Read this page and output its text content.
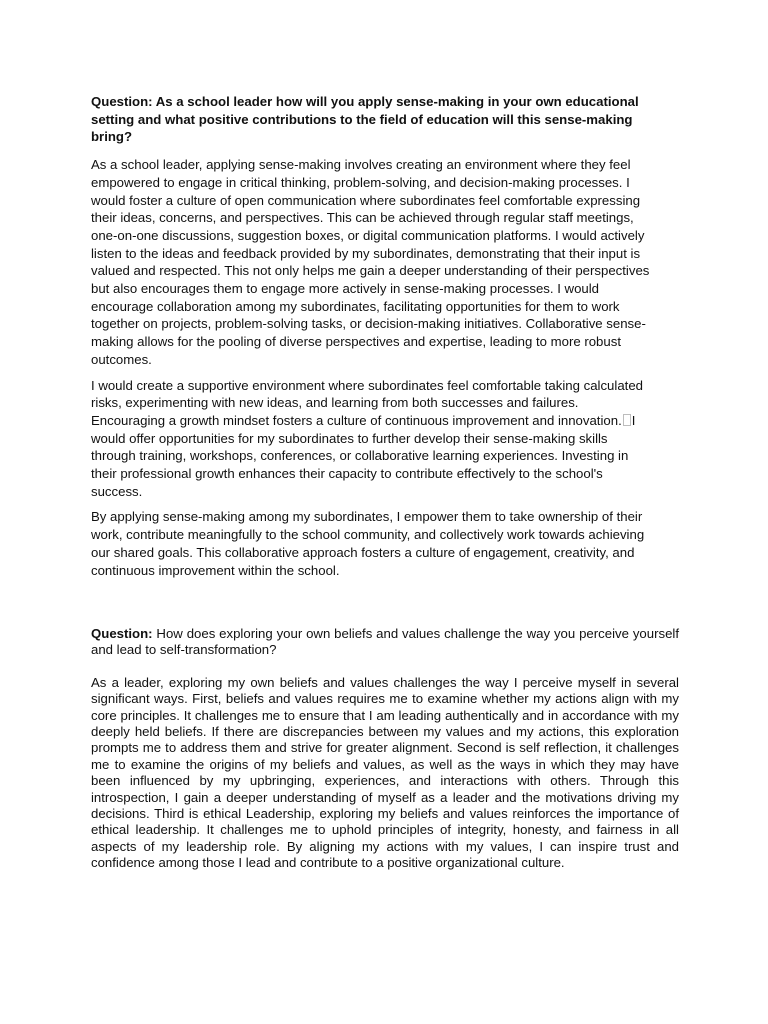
Question: As a school leader how will you apply sense-making in your own educational
setting and what positive contributions to the field of education will this sense-making
bring?

As a school leader, applying sense-making involves creating an environment where they feel
empowered to engage in critical thinking, problem-solving, and decision-making processes. I
would foster a culture of open communication where subordinates feel comfortable expressing
their ideas, concerns, and perspectives. This can be achieved through regular staff meetings,
one-on-one discussions, suggestion boxes, or digital communication platforms. I would actively
listen to the ideas and feedback provided by my subordinates, demonstrating that their input is
valued and respected. This not only helps me gain a deeper understanding of their perspectives
but also encourages them to engage more actively in sense-making processes. I would
encourage collaboration among my subordinates, facilitating opportunities for them to work
together on projects, problem-solving tasks, or decision-making initiatives. Collaborative sense-
making allows for the pooling of diverse perspectives and expertise, leading to more robust
outcomes.

I would create a supportive environment where subordinates feel comfortable taking calculated
risks, experimenting with new ideas, and learning from both successes and failures.
Encouraging a growth mindset fosters a culture of continuous improvement and innovation. I
would offer opportunities for my subordinates to further develop their sense-making skills
through training, workshops, conferences, or collaborative learning experiences. Investing in
their professional growth enhances their capacity to contribute effectively to the school's
success.

By applying sense-making among my subordinates, I empower them to take ownership of their
work, contribute meaningfully to the school community, and collectively work towards achieving
our shared goals. This collaborative approach fosters a culture of engagement, creativity, and
continuous improvement within the school.

Question: How does exploring your own beliefs and values challenge the way you perceive yourself and lead to self-transformation?

As a leader, exploring my own beliefs and values challenges the way I perceive myself in several significant ways. First, beliefs and values requires me to examine whether my actions align with my core principles. It challenges me to ensure that I am leading authentically and in accordance with my deeply held beliefs. If there are discrepancies between my values and my actions, this exploration prompts me to address them and strive for greater alignment. Second is self reflection, it challenges me to examine the origins of my beliefs and values, as well as the ways in which they may have been influenced by my upbringing, experiences, and interactions with others. Through this introspection, I gain a deeper understanding of myself as a leader and the motivations driving my decisions. Third is ethical Leadership, exploring my beliefs and values reinforces the importance of ethical leadership. It challenges me to uphold principles of integrity, honesty, and fairness in all aspects of my leadership role. By aligning my actions with my values, I can inspire trust and confidence among those I lead and contribute to a positive organizational culture.
